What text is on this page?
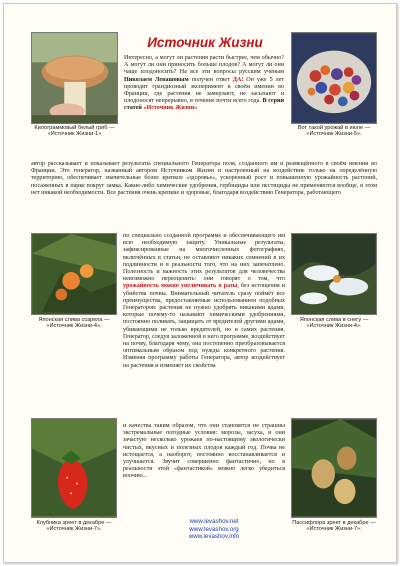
Килограммовый белый гриб — «Источник Жизни-1»
Вот такой урожай в июле — «Источник Жизни-5».
Источник Жизни
Интересно, а могут ли растения расти быстрее, чем обычно? А могут ли они приносить больше плодов? А могут ли они чаще плодоносить? На все эти вопросы русским учёным Николаем Левашовым получен ответ ДА! Он уже 5 лет проводит грандиозный эксперимент в своём имении во Франции, где растения не замерзают, не засыхают и плодоносят непрерывно, в течение почти всего года. В серии статей «Источник Жизни»
автор рассказывает и показывает результаты специального Генератора поля, созданного им и размещённого в своём имении во Франции. Это генератор, названный автором Источником Жизни и настроенный на воздействие только на определённую территорию, обеспечивает значительные более крепкое «здоровье», ускоренный рост и повышенную урожайность растений, посаженных в парке вокруг замка. Какие-либо химические удобрения, гербициды или пестициды не применяются вообще, в этом нет никакой необходимости. Все растения очень крепкие и здоровые, благодаря воздействию Генератора, работающего
Японская слива созрела — «Источник Жизни-4».
Японская слива в снегу — «Источник Жизни-4».
по специально созданной программе и обеспечивающего им всю необходимую защиту. Уникальные результаты, зафиксированные на многочисленных фотографиях, включённых в статьи, не оставляют никаких сомнений в их подлинности и в реальности того, что на них запечатлено. Полезность и важность этих результатов для человечества невозможно переоценить: они говорят о том, что урожайность можно увеличивать в разы, без истощения и убийства почвы. Внимательный читатель сразу поймёт все преимущества, предоставляемые использованием подобных Генераторов: растения не нужно удобрять никакими ядами, которые почему-то называют химическими удобрениями, постоянно поливать, защищать от вредителей другими ядами, убивающими не только вредителей, но и самих растения. Генератор, следуя заложенной в него программе, воздействует на почву, благодаря чему, она постепенно преобразовывается оптимальным образом под нужды конкретного растения. Изменяя программу работы Генератора, автор воздействует на растения и изменяет их свойства
Клубника зреет в декабре — «Источник Жизни-7».
Пассифлора зреет в декабре — «Источник Жизни-7».
и качества таким образом, что они становятся не страшны экстремальные погодные условия: морозы, засуха, и они зачастую несколько урожаев по-настоящему экологически чистых, вкусных и полезных плодов каждый год. Почва не истощается, а наоборот, постоянно восстанавливается и улучшается. Звучит совершенно фантастично, но в реальности этой «фантастикой» можно легко убедиться воочию...
www.levashov.net
www.levashov.org
www.levashov.info
